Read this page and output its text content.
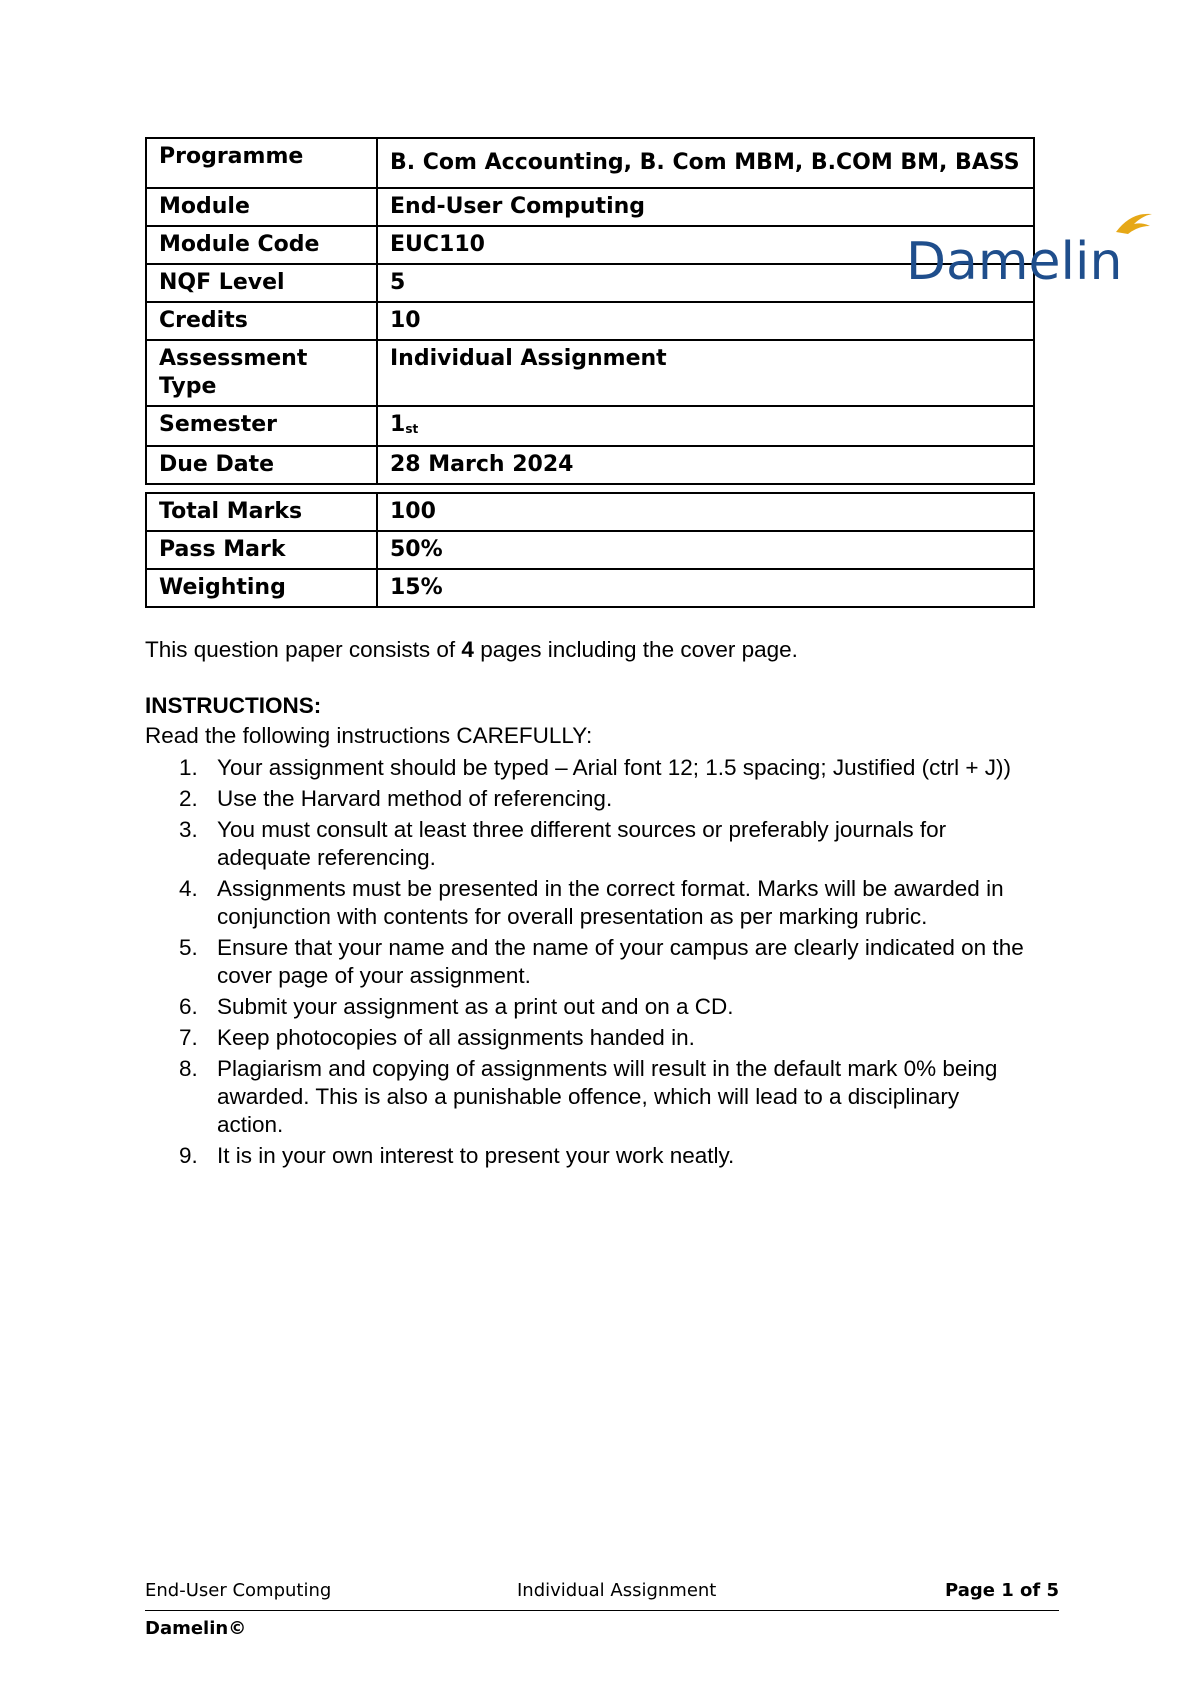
Programme	B. Com Accounting, B. Com MBM, B.COM BM, BASS
Module	End-User Computing
Module Code	EUC110
NQF Level	5
Credits	10
Assessment Type	Individual Assignment
Semester	1st
Due Date	28 March 2024
Damelin
Total Marks	100
Pass Mark	50%
Weighting	15%
This question paper consists of 4 pages including the cover page.
INSTRUCTIONS:
Read the following instructions CAREFULLY:
1. Your assignment should be typed – Arial font 12; 1.5 spacing; Justified (ctrl + J))
2. Use the Harvard method of referencing.
3. You must consult at least three different sources or preferably journals for adequate referencing.
4. Assignments must be presented in the correct format. Marks will be awarded in conjunction with contents for overall presentation as per marking rubric.
5. Ensure that your name and the name of your campus are clearly indicated on the cover page of your assignment.
6. Submit your assignment as a print out and on a CD.
7. Keep photocopies of all assignments handed in.
8. Plagiarism and copying of assignments will result in the default mark 0% being awarded. This is also a punishable offence, which will lead to a disciplinary action.
9. It is in your own interest to present your work neatly.
End-User Computing	Individual Assignment	Page 1 of 5
Damelin©
